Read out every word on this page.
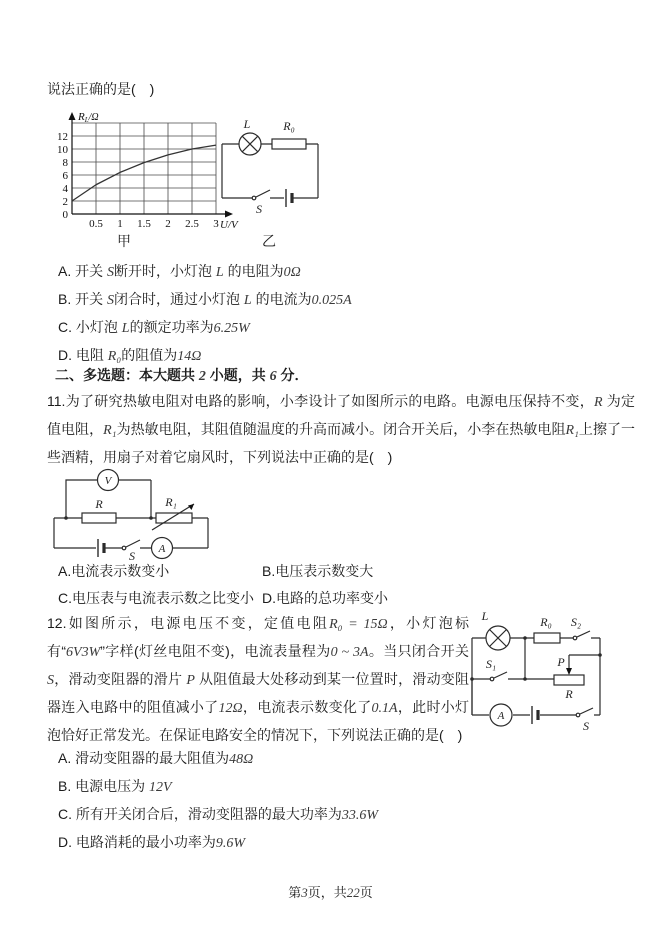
说法正确的是(　)
0
2
4
6
8
10
12
0.5 1 1.5 2 2.5 3
RL/Ω
U/V
甲
L	R₀
S
乙
A. 开关 S断开时，小灯泡 L 的电阻为0Ω
B. 开关 S闭合时，通过小灯泡 L 的电流为0.025A
C. 小灯泡 L的额定功率为6.25W
D. 电阻 R₀的阻值为14Ω
二、多选题：本大题共 2 小题，共 6 分．
11.为了研究热敏电阻对电路的影响，小李设计了如图所示的电路。电源电压保持不变，R 为定值电阻，R₁为热敏电阻，其阻值随温度的升高而减小。闭合开关后，小李在热敏电阻R₁上擦了一些酒精，用扇子对着它扇风时，下列说法中正确的是(　)
V
A
R	R₁
S
A.电流表示数变小	B.电压表示数变大
C.电压表与电流表示数之比变小 D.电路的总功率变小
12.如图所示，电源电压不变，定值电阻R₀ = 15Ω，小灯泡标有“6V3W”字样(灯丝电阻不变)，电流表量程为0 ~ 3A。当只闭合开关 S，滑动变阻器的滑片 P 从阻值最大处移动到某一位置时，滑动变阻器连入电路中的阻值减小了12Ω，电流表示数变化了0.1A，此时小灯泡恰好正常发光。在保证电路安全的情况下，下列说法正确的是(　)
A
L	R₀ S₂
S₁	P
R
S
A. 滑动变阻器的最大阻值为48Ω
B. 电源电压为 12V
C. 所有开关闭合后，滑动变阻器的最大功率为33.6W
D. 电路消耗的最小功率为9.6W
第3页，共22页
